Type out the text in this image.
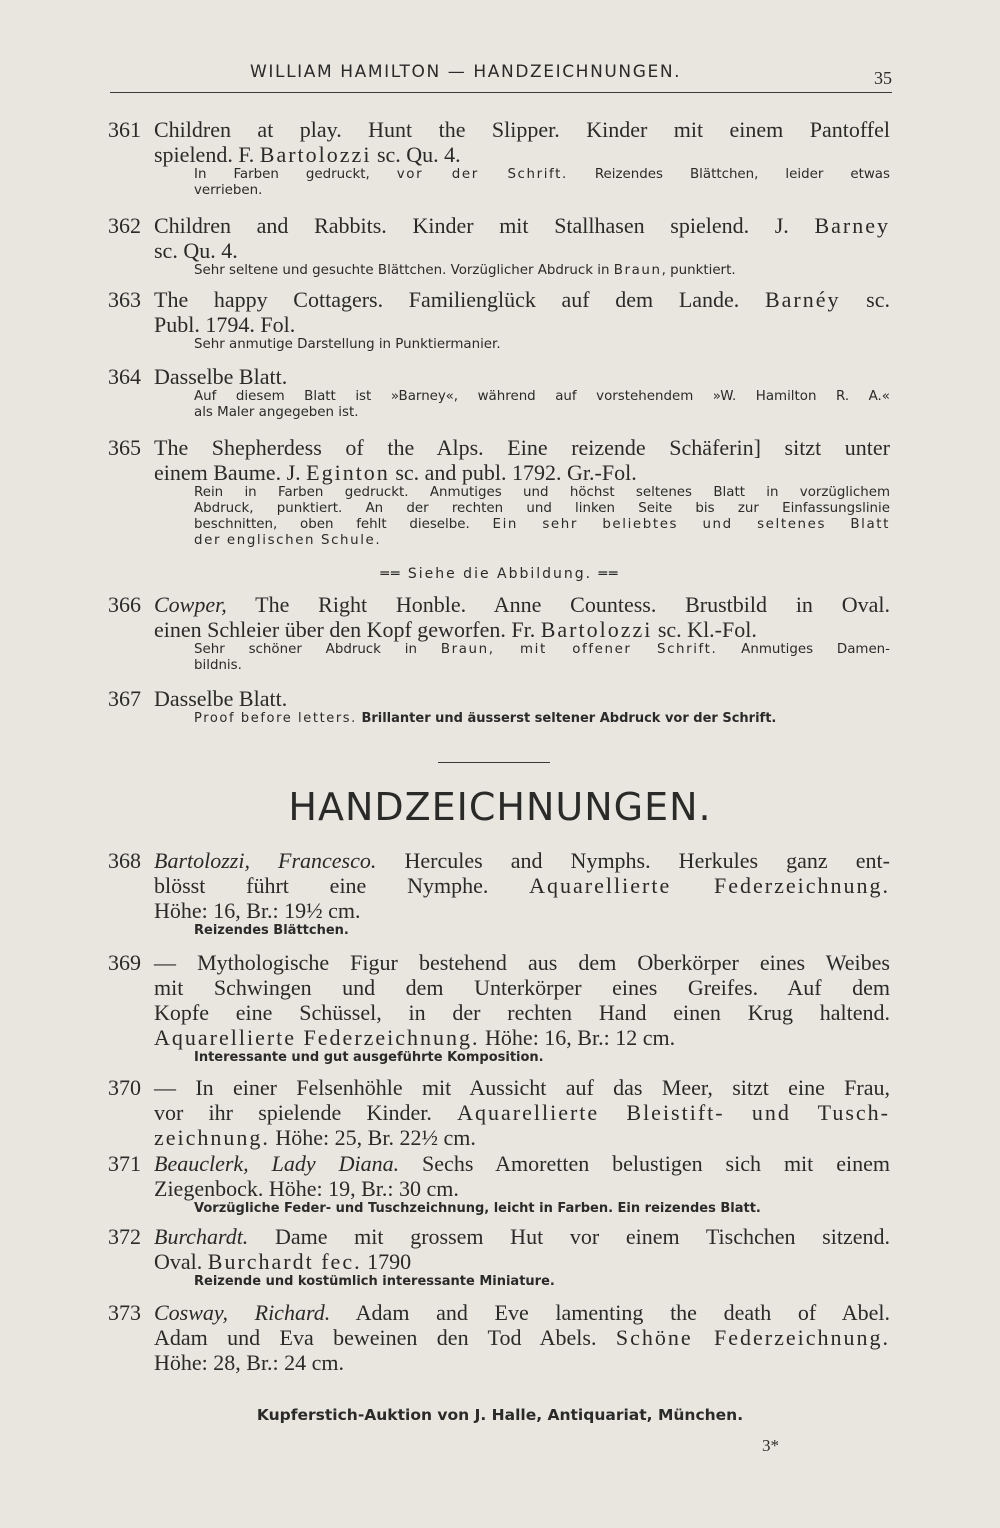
WILLIAM HAMILTON — HANDZEICHNUNGEN.	35
361 Children at play. Hunt the Slipper. Kinder mit einem Pantoffel
spielend. F. Bartolozzi sc. Qu. 4.
In Farben gedruckt, vor der Schrift. Reizendes Blättchen, leider etwas
verrieben.
362 Children and Rabbits. Kinder mit Stallhasen spielend. J. Barney
sc. Qu. 4.
Sehr seltene und gesuchte Blättchen. Vorzüglicher Abdruck in Braun, punktiert.
363 The happy Cottagers. Familienglück auf dem Lande. Barnéy sc.
Publ. 1794. Fol.
Sehr anmutige Darstellung in Punktiermanier.
364 Dasselbe Blatt.
Auf diesem Blatt ist »Barney«, während auf vorstehendem »W. Hamilton R. A.«
als Maler angegeben ist.
365 The Shepherdess of the Alps. Eine reizende Schäferin] sitzt unter
einem Baume. J. Eginton sc. and publ. 1792. Gr.-Fol.
Rein in Farben gedruckt. Anmutiges und höchst seltenes Blatt in vorzüglichem
Abdruck, punktiert. An der rechten und linken Seite bis zur Einfassungslinie
beschnitten, oben fehlt dieselbe. Ein sehr beliebtes und seltenes Blatt
der englischen Schule.
══ Siehe die Abbildung. ══
366 Cowper, The Right Honble. Anne Countess. Brustbild in Oval.
einen Schleier über den Kopf geworfen. Fr. Bartolozzi sc. Kl.-Fol.
Sehr schöner Abdruck in Braun, mit offener Schrift. Anmutiges Damen-
bildnis.
367 Dasselbe Blatt.
Proof before letters. Brillanter und äusserst seltener Abdruck vor der Schrift.
HANDZEICHNUNGEN.
368 Bartolozzi, Francesco. Hercules and Nymphs. Herkules ganz ent-
blösst führt eine Nymphe. Aquarellierte Federzeichnung.
Höhe: 16, Br.: 19½ cm.
Reizendes Blättchen.
369 — Mythologische Figur bestehend aus dem Oberkörper eines Weibes
mit Schwingen und dem Unterkörper eines Greifes. Auf dem
Kopfe eine Schüssel, in der rechten Hand einen Krug haltend.
Aquarellierte Federzeichnung. Höhe: 16, Br.: 12 cm.
Interessante und gut ausgeführte Komposition.
370 — In einer Felsenhöhle mit Aussicht auf das Meer, sitzt eine Frau,
vor ihr spielende Kinder. Aquarellierte Bleistift- und Tusch-
zeichnung. Höhe: 25, Br. 22½ cm.
371 Beauclerk, Lady Diana. Sechs Amoretten belustigen sich mit einem
Ziegenbock. Höhe: 19, Br.: 30 cm.
Vorzügliche Feder- und Tuschzeichnung, leicht in Farben. Ein reizendes Blatt.
372 Burchardt. Dame mit grossem Hut vor einem Tischchen sitzend.
Oval. Burchardt fec. 1790
Reizende und kostümlich interessante Miniature.
373 Cosway, Richard. Adam and Eve lamenting the death of Abel.
Adam und Eva beweinen den Tod Abels. Schöne Federzeichnung.
Höhe: 28, Br.: 24 cm.
Kupferstich-Auktion von J. Halle, Antiquariat, München.
3*
